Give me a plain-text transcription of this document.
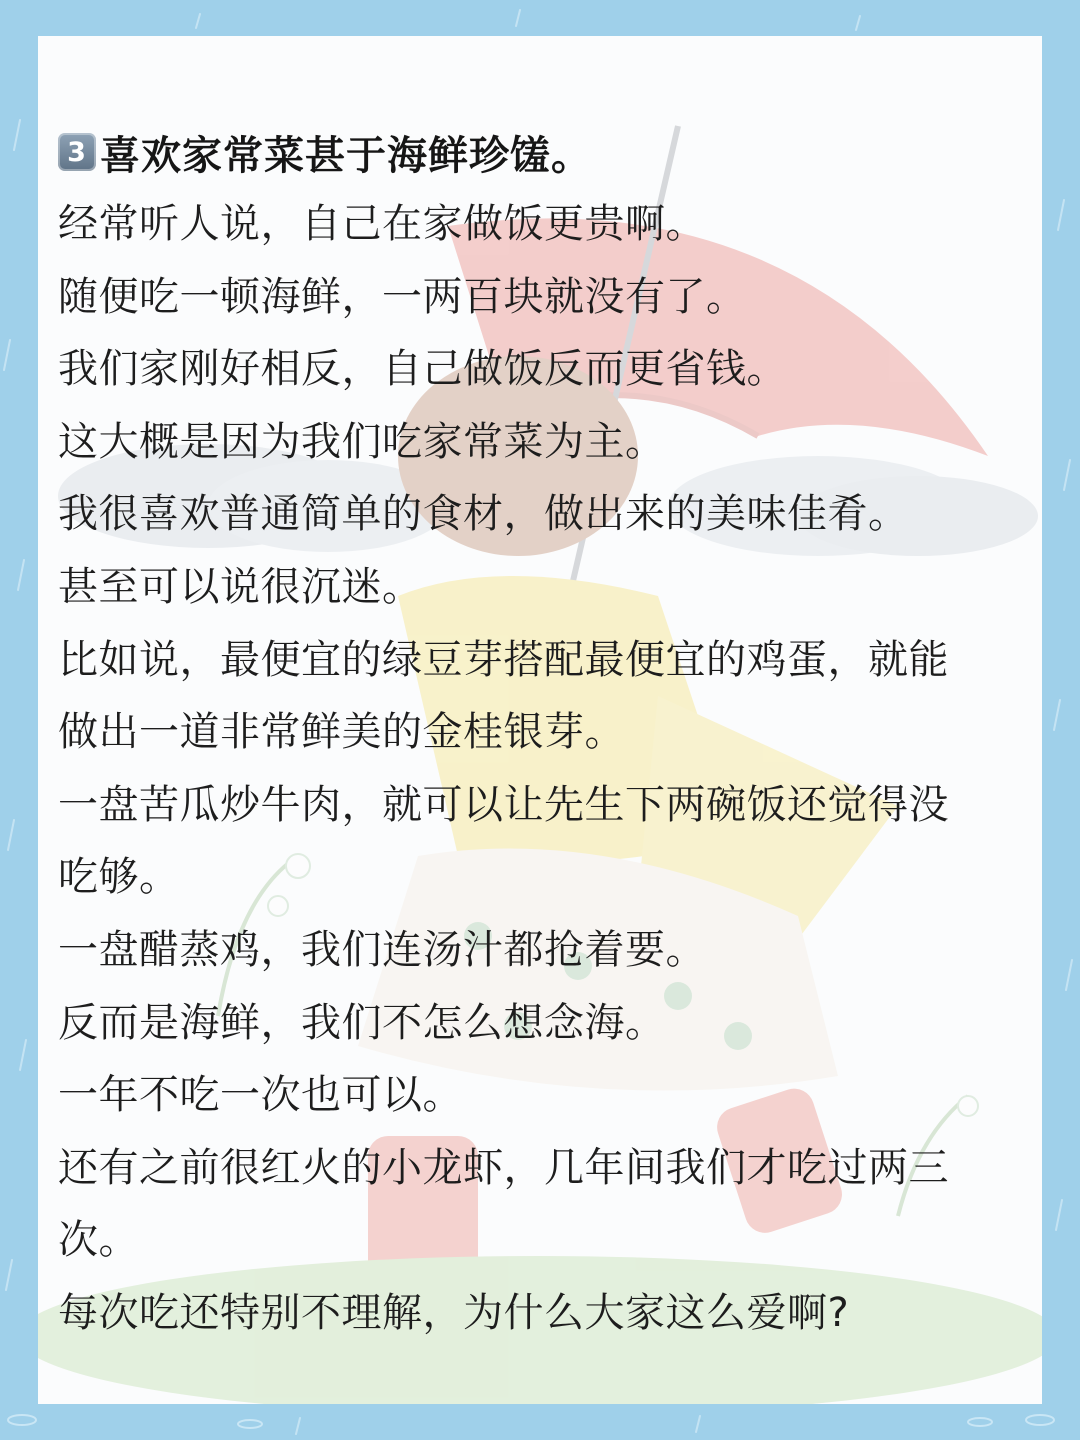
3 喜欢家常菜甚于海鲜珍馐。
经常听人说，自己在家做饭更贵啊。
随便吃一顿海鲜，一两百块就没有了。
我们家刚好相反，自己做饭反而更省钱。
这大概是因为我们吃家常菜为主。
我很喜欢普通简单的食材，做出来的美味佳肴。
甚至可以说很沉迷。
比如说，最便宜的绿豆芽搭配最便宜的鸡蛋，就能
做出一道非常鲜美的金桂银芽。
一盘苦瓜炒牛肉，就可以让先生下两碗饭还觉得没
吃够。
一盘醋蒸鸡，我们连汤汁都抢着要。
反而是海鲜，我们不怎么想念海。
一年不吃一次也可以。
还有之前很红火的小龙虾，几年间我们才吃过两三
次。
每次吃还特别不理解，为什么大家这么爱啊?
